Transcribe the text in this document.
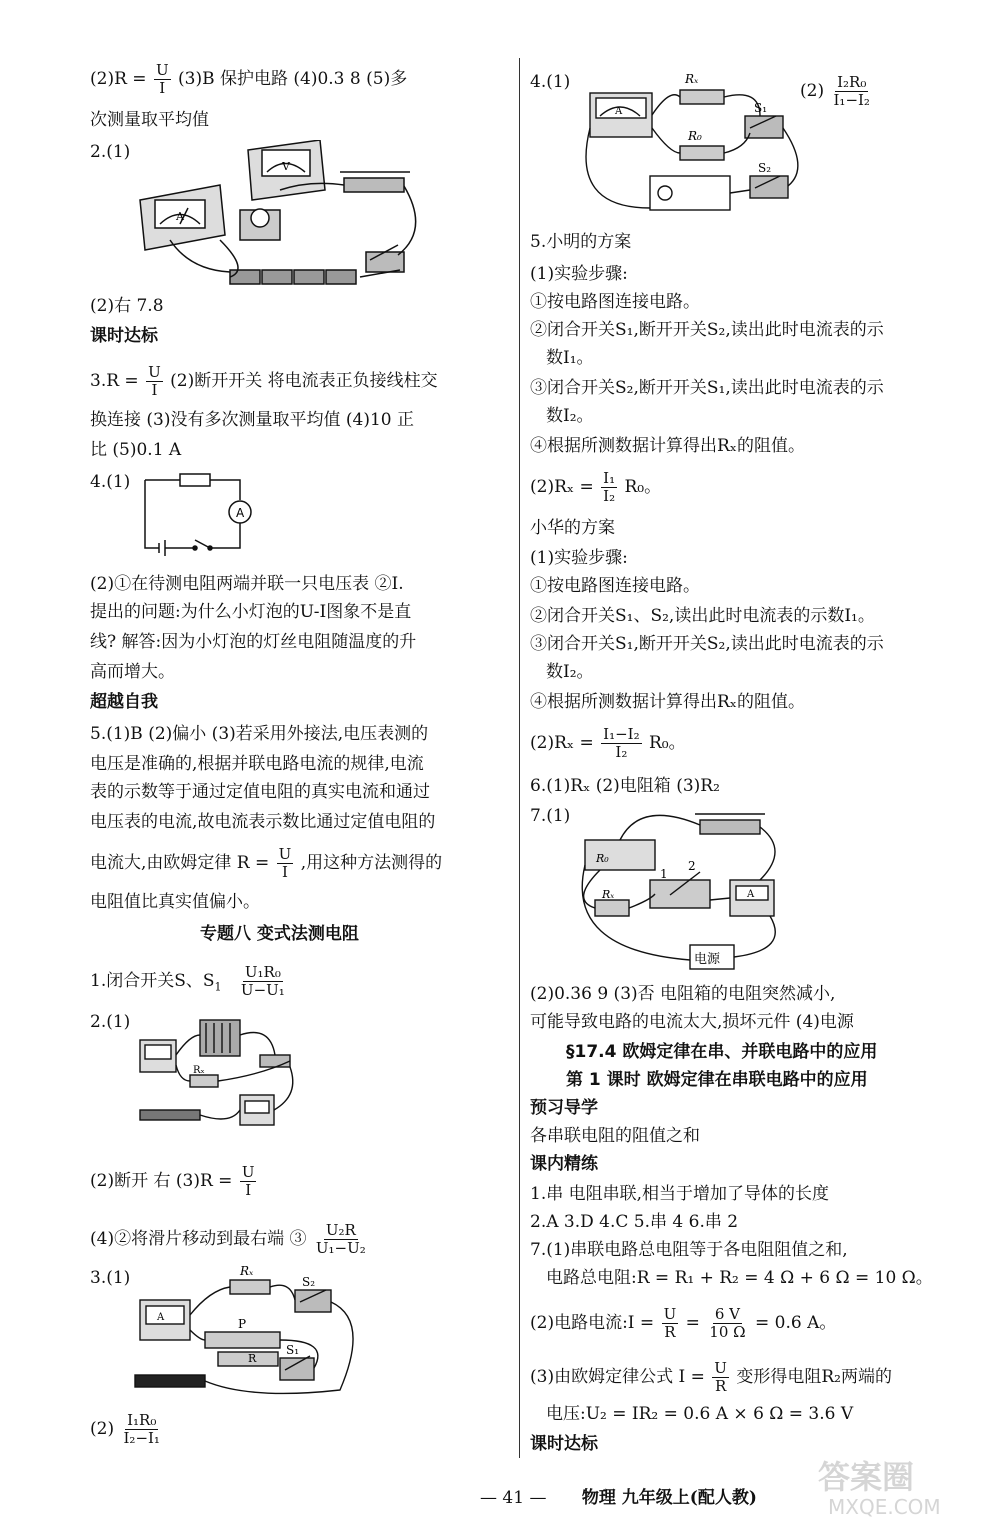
$(2)R = \frac{U}{I} (3)B$ 保护电路 (4)0.3 8 (5)多
次测量取平均值
2.(1)
A
V
(2)右 7.8
课时达标
$3.R = \frac{U}{I} (2)$断开开关 将电流表正负接线柱交
换连接 (3)没有多次测量取平均值 (4)10 正
比 (5)0.1 A
4.(1)
A
(2)①在待测电阻两端并联一只电压表 ②I.
提出的问题:为什么小灯泡的U-I图象不是直
线? 解答:因为小灯泡的灯丝电阻随温度的升
高而增大。
超越自我
5.(1)B (2)偏小 (3)若采用外接法,电压表测的
电压是准确的,根据并联电路电流的规律,电流
表的示数等于通过定值电阻的真实电流和通过
电压表的电流,故电流表示数比通过定值电阻的
电流大,由欧姆定律 $R = \frac{U}{I}$ ,用这种方法测得的
电阻值比真实值偏小。
专题八 变式法测电阻
1.闭合开关S、$S_1 \frac{\text{U₁R₀}}{\text{U−U₁}}$
2.(1)
Rₓ
(2)断开 右 $(3)R = \frac{U}{I}$
(4)②将滑片移动到最右端 ③ $\frac{\text{U₂R}}{\text{U₁−U₂}}$
3.(1)	Rₓ
S₂
P
R
S₁
A
$(2) \frac{\text{I₁R₀}}{\text{I₂−I₁}}$
4.(1)	$(2) \frac{\text{I₂R₀}}{\text{I₁−I₂}}$
Rₓ
R₀
S₁
S₂
A
5.小明的方案
(1)实验步骤:
①按电路图连接电路。
②闭合开关S₁,断开开关S₂,读出此时电流表的示
数I₁。
③闭合开关S₂,断开开关S₁,读出此时电流表的示
数I₂。
④根据所测数据计算得出Rₓ的阻值。
$(2)R_x = \frac{\text{I₁}}{\text{I₂}} R_0$。
小华的方案
(1)实验步骤:
①按电路图连接电路。
②闭合开关S₁、S₂,读出此时电流表的示数I₁。
③闭合开关S₁,断开开关S₂,读出此时电流表的示
数I₂。
④根据所测数据计算得出Rₓ的阻值。
$(2)R_x = \frac{\text{I₁−I₂}}{\text{I₂}} R_0$。
6.(1)Rₓ (2)电阻箱 (3)R₂
7.(1)
R₀
Rₓ
1
2
A
电源
(2)0.36 9 (3)否 电阻箱的电阻突然减小,
可能导致电路的电流太大,损坏元件 (4)电源
§17.4 欧姆定律在串、并联电路中的应用
第 1 课时 欧姆定律在串联电路中的应用
预习导学
各串联电阻的阻值之和
课内精练
1.串 电阻串联,相当于增加了导体的长度
2.A 3.D 4.C 5.串 4 6.串 2
7.(1)串联电路总电阻等于各电阻阻值之和,
电路总电阻:R = R₁ + R₂ = 4 Ω + 6 Ω = 10 Ω。
(2)电路电流:I = $\frac{U}{R} = \frac{6 V}{10 \Omega} = 0.6$ A。
(3)由欧姆定律公式 $I = \frac{U}{R}$ 变形得电阻R₂两端的
电压:U₂ = IR₂ = 0.6 A × 6 Ω = 3.6 V
课时达标
— 41 — 物理 九年级上(配人教)
答案圈
MXQE.COM
